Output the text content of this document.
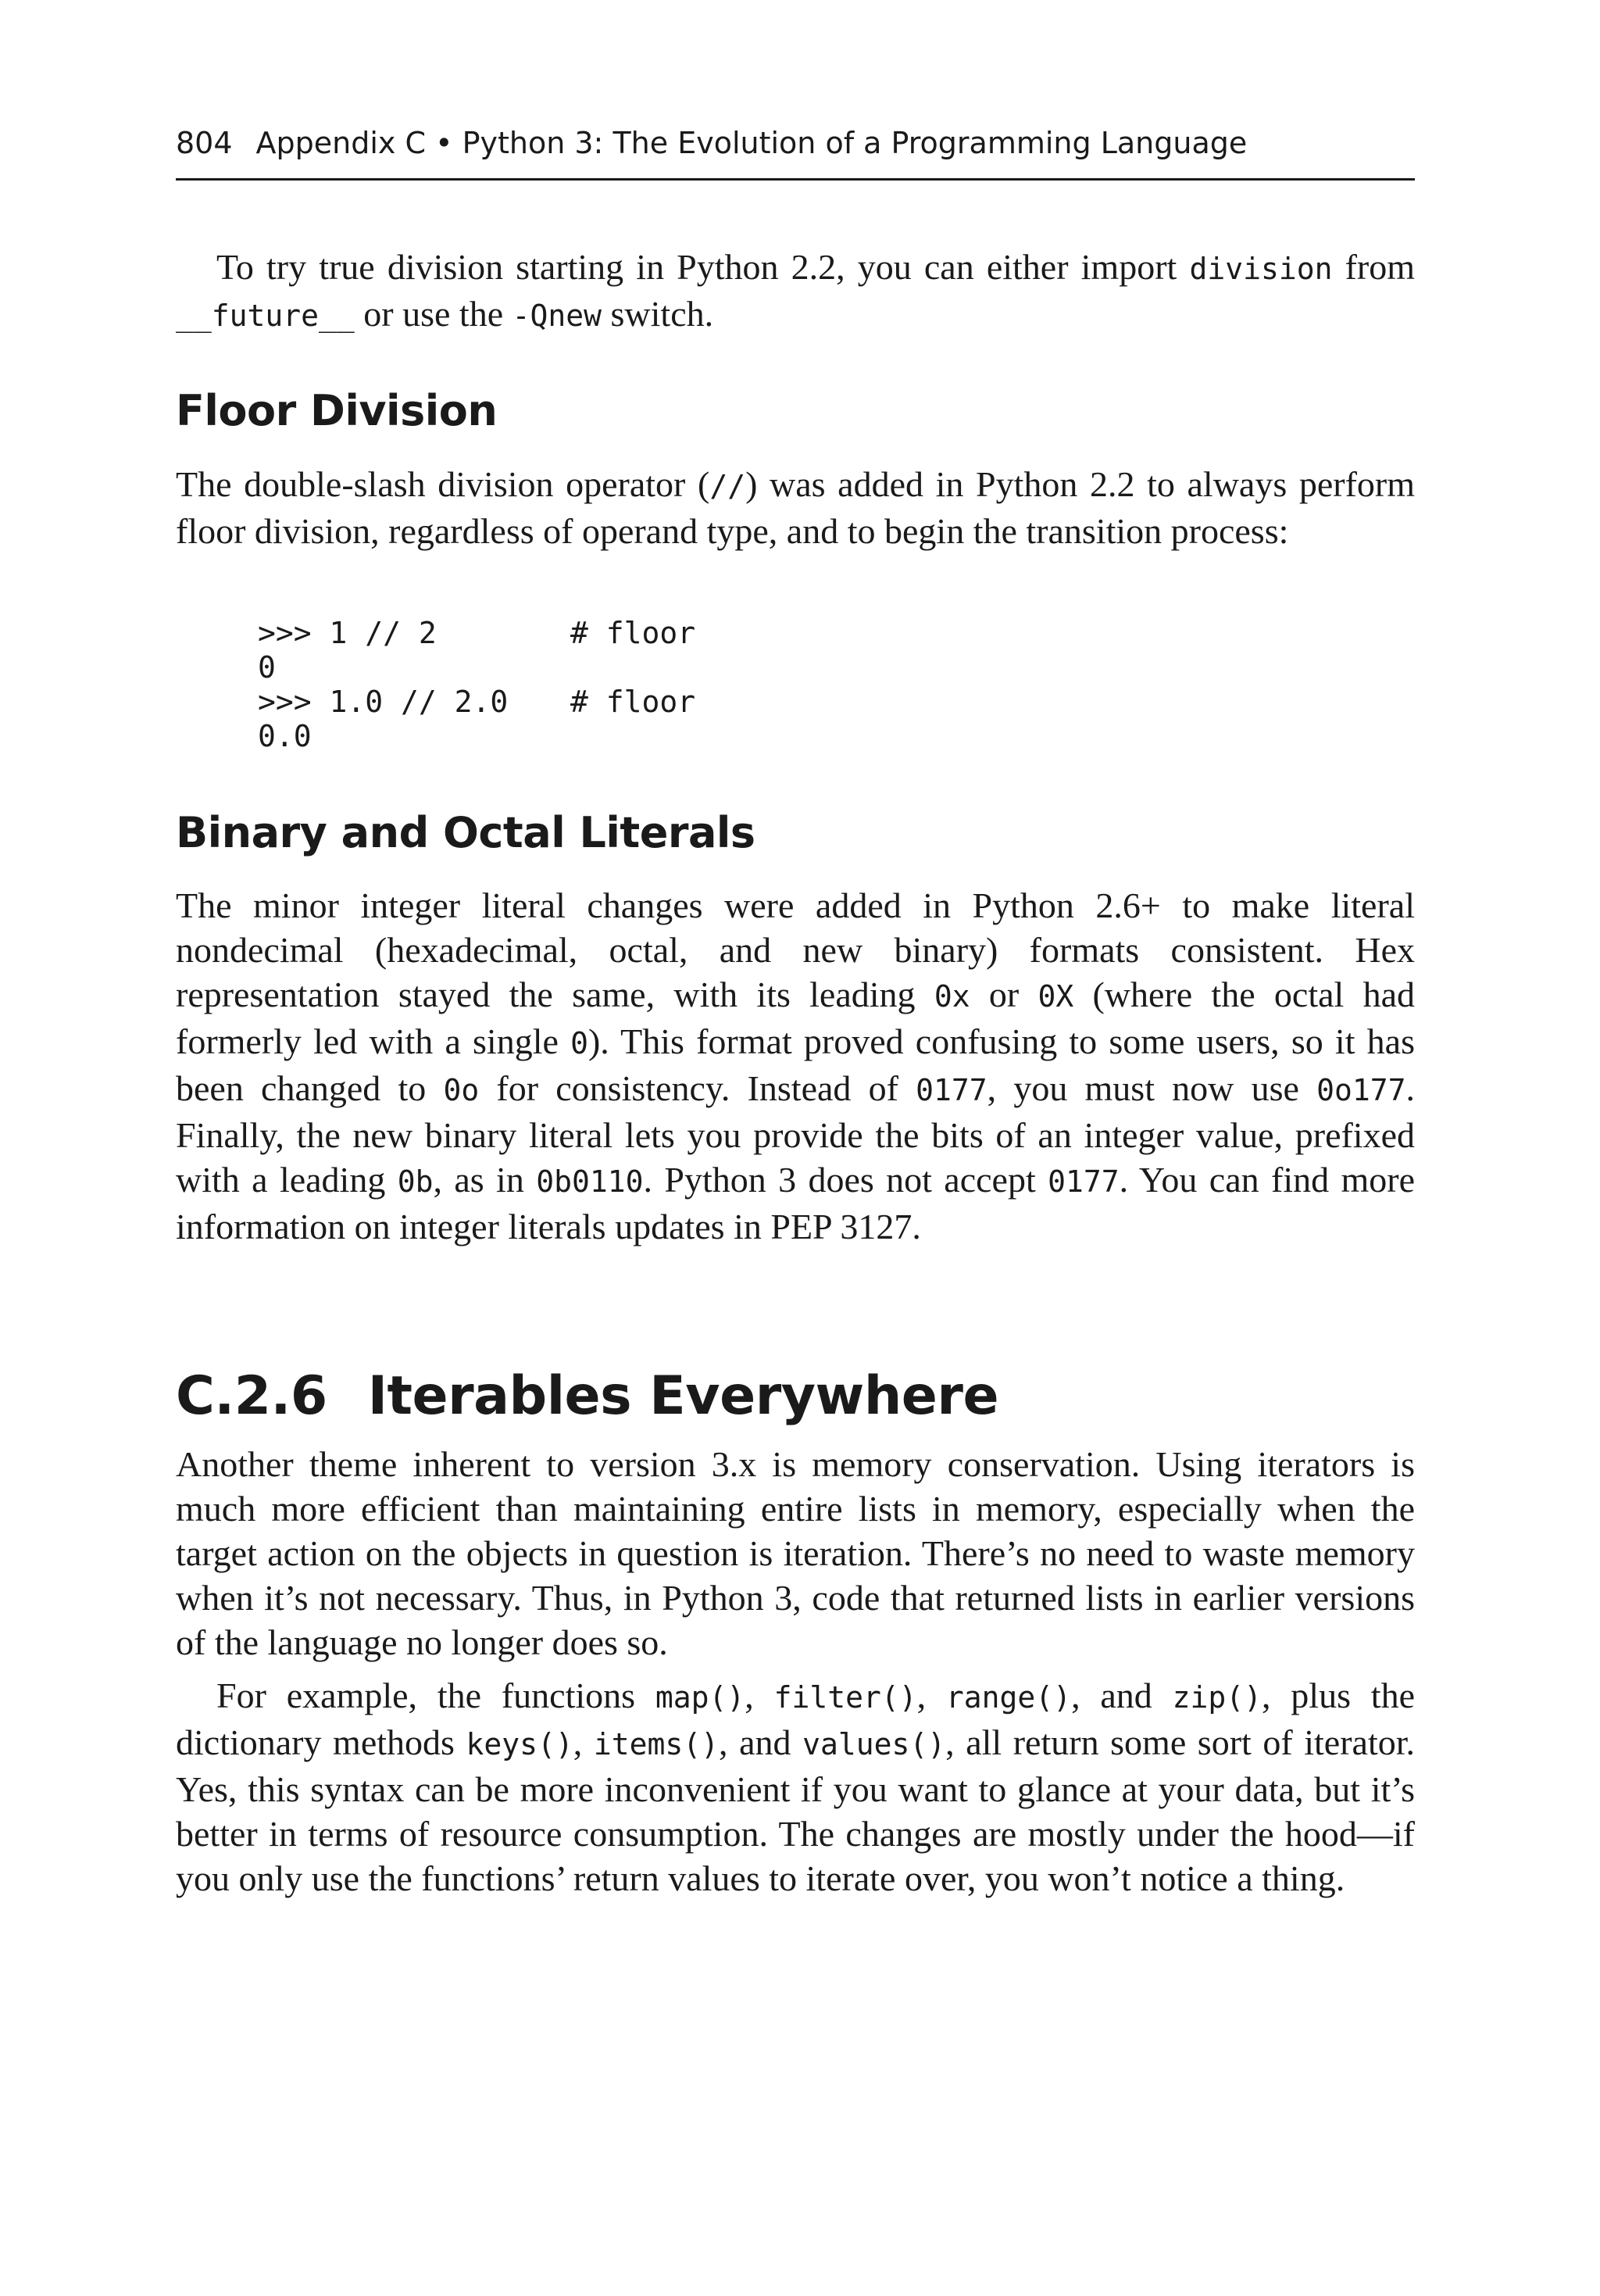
804 Appendix C • Python 3: The Evolution of a Programming Language

To try true division starting in Python 2.2, you can either import division from __future__ or use the -Qnew switch.

Floor Division

The double-slash division operator (//) was added in Python 2.2 to always perform floor division, regardless of operand type, and to begin the transition process:

>>> 1 // 2	# floor
0
>>> 1.0 // 2.0 # floor
0.0
Binary and Octal Literals

The minor integer literal changes were added in Python 2.6+ to make literal nondecimal (hexadecimal, octal, and new binary) formats consistent. Hex representation stayed the same, with its leading 0x or 0X (where the octal had formerly led with a single 0). This format proved confusing to some users, so it has been changed to 0o for consistency. Instead of 0177, you must now use 0o177. Finally, the new binary literal lets you provide the bits of an integer value, prefixed with a leading 0b, as in 0b0110. Python 3 does not accept 0177. You can find more information on integer literals updates in PEP 3127.

C.2.6 Iterables Everywhere

Another theme inherent to version 3.x is memory conservation. Using iterators is much more efficient than maintaining entire lists in memory, especially when the target action on the objects in question is iteration. There’s no need to waste memory when it’s not necessary. Thus, in Python 3, code that returned lists in earlier versions of the language no longer does so.

For example, the functions map(), filter(), range(), and zip(), plus the dictionary methods keys(), items(), and values(), all return some sort of iterator. Yes, this syntax can be more inconvenient if you want to glance at your data, but it’s better in terms of resource consumption. The changes are mostly under the hood—if you only use the functions’ return values to iterate over, you won’t notice a thing.
